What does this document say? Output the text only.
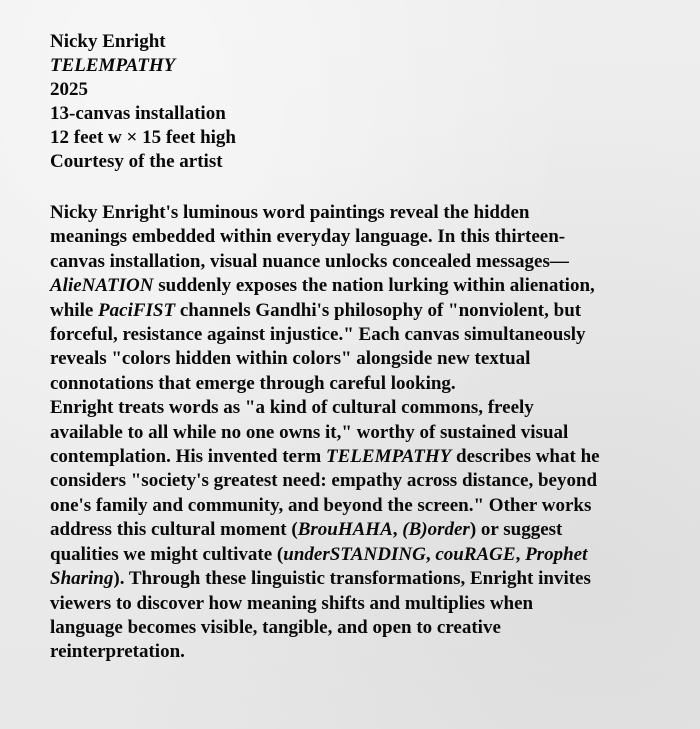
Nicky Enright
TELEMPATHY
2025
13-canvas installation
12 feet w × 15 feet high
Courtesy of the artist

Nicky Enright's luminous word paintings reveal the hidden
meanings embedded within everyday language. In this thirteen-
canvas installation, visual nuance unlocks concealed messages—
AlieNATION suddenly exposes the nation lurking within alienation,
while PaciFIST channels Gandhi's philosophy of "nonviolent, but
forceful, resistance against injustice." Each canvas simultaneously
reveals "colors hidden within colors" alongside new textual
connotations that emerge through careful looking.

Enright treats words as "a kind of cultural commons, freely
available to all while no one owns it," worthy of sustained visual
contemplation. His invented term TELEMPATHY describes what he
considers "society's greatest need: empathy across distance, beyond
one's family and community, and beyond the screen." Other works
address this cultural moment (BrouHAHA, (B)order) or suggest
qualities we might cultivate (underSTANDING, couRAGE, Prophet
Sharing). Through these linguistic transformations, Enright invites
viewers to discover how meaning shifts and multiplies when
language becomes visible, tangible, and open to creative
reinterpretation.
